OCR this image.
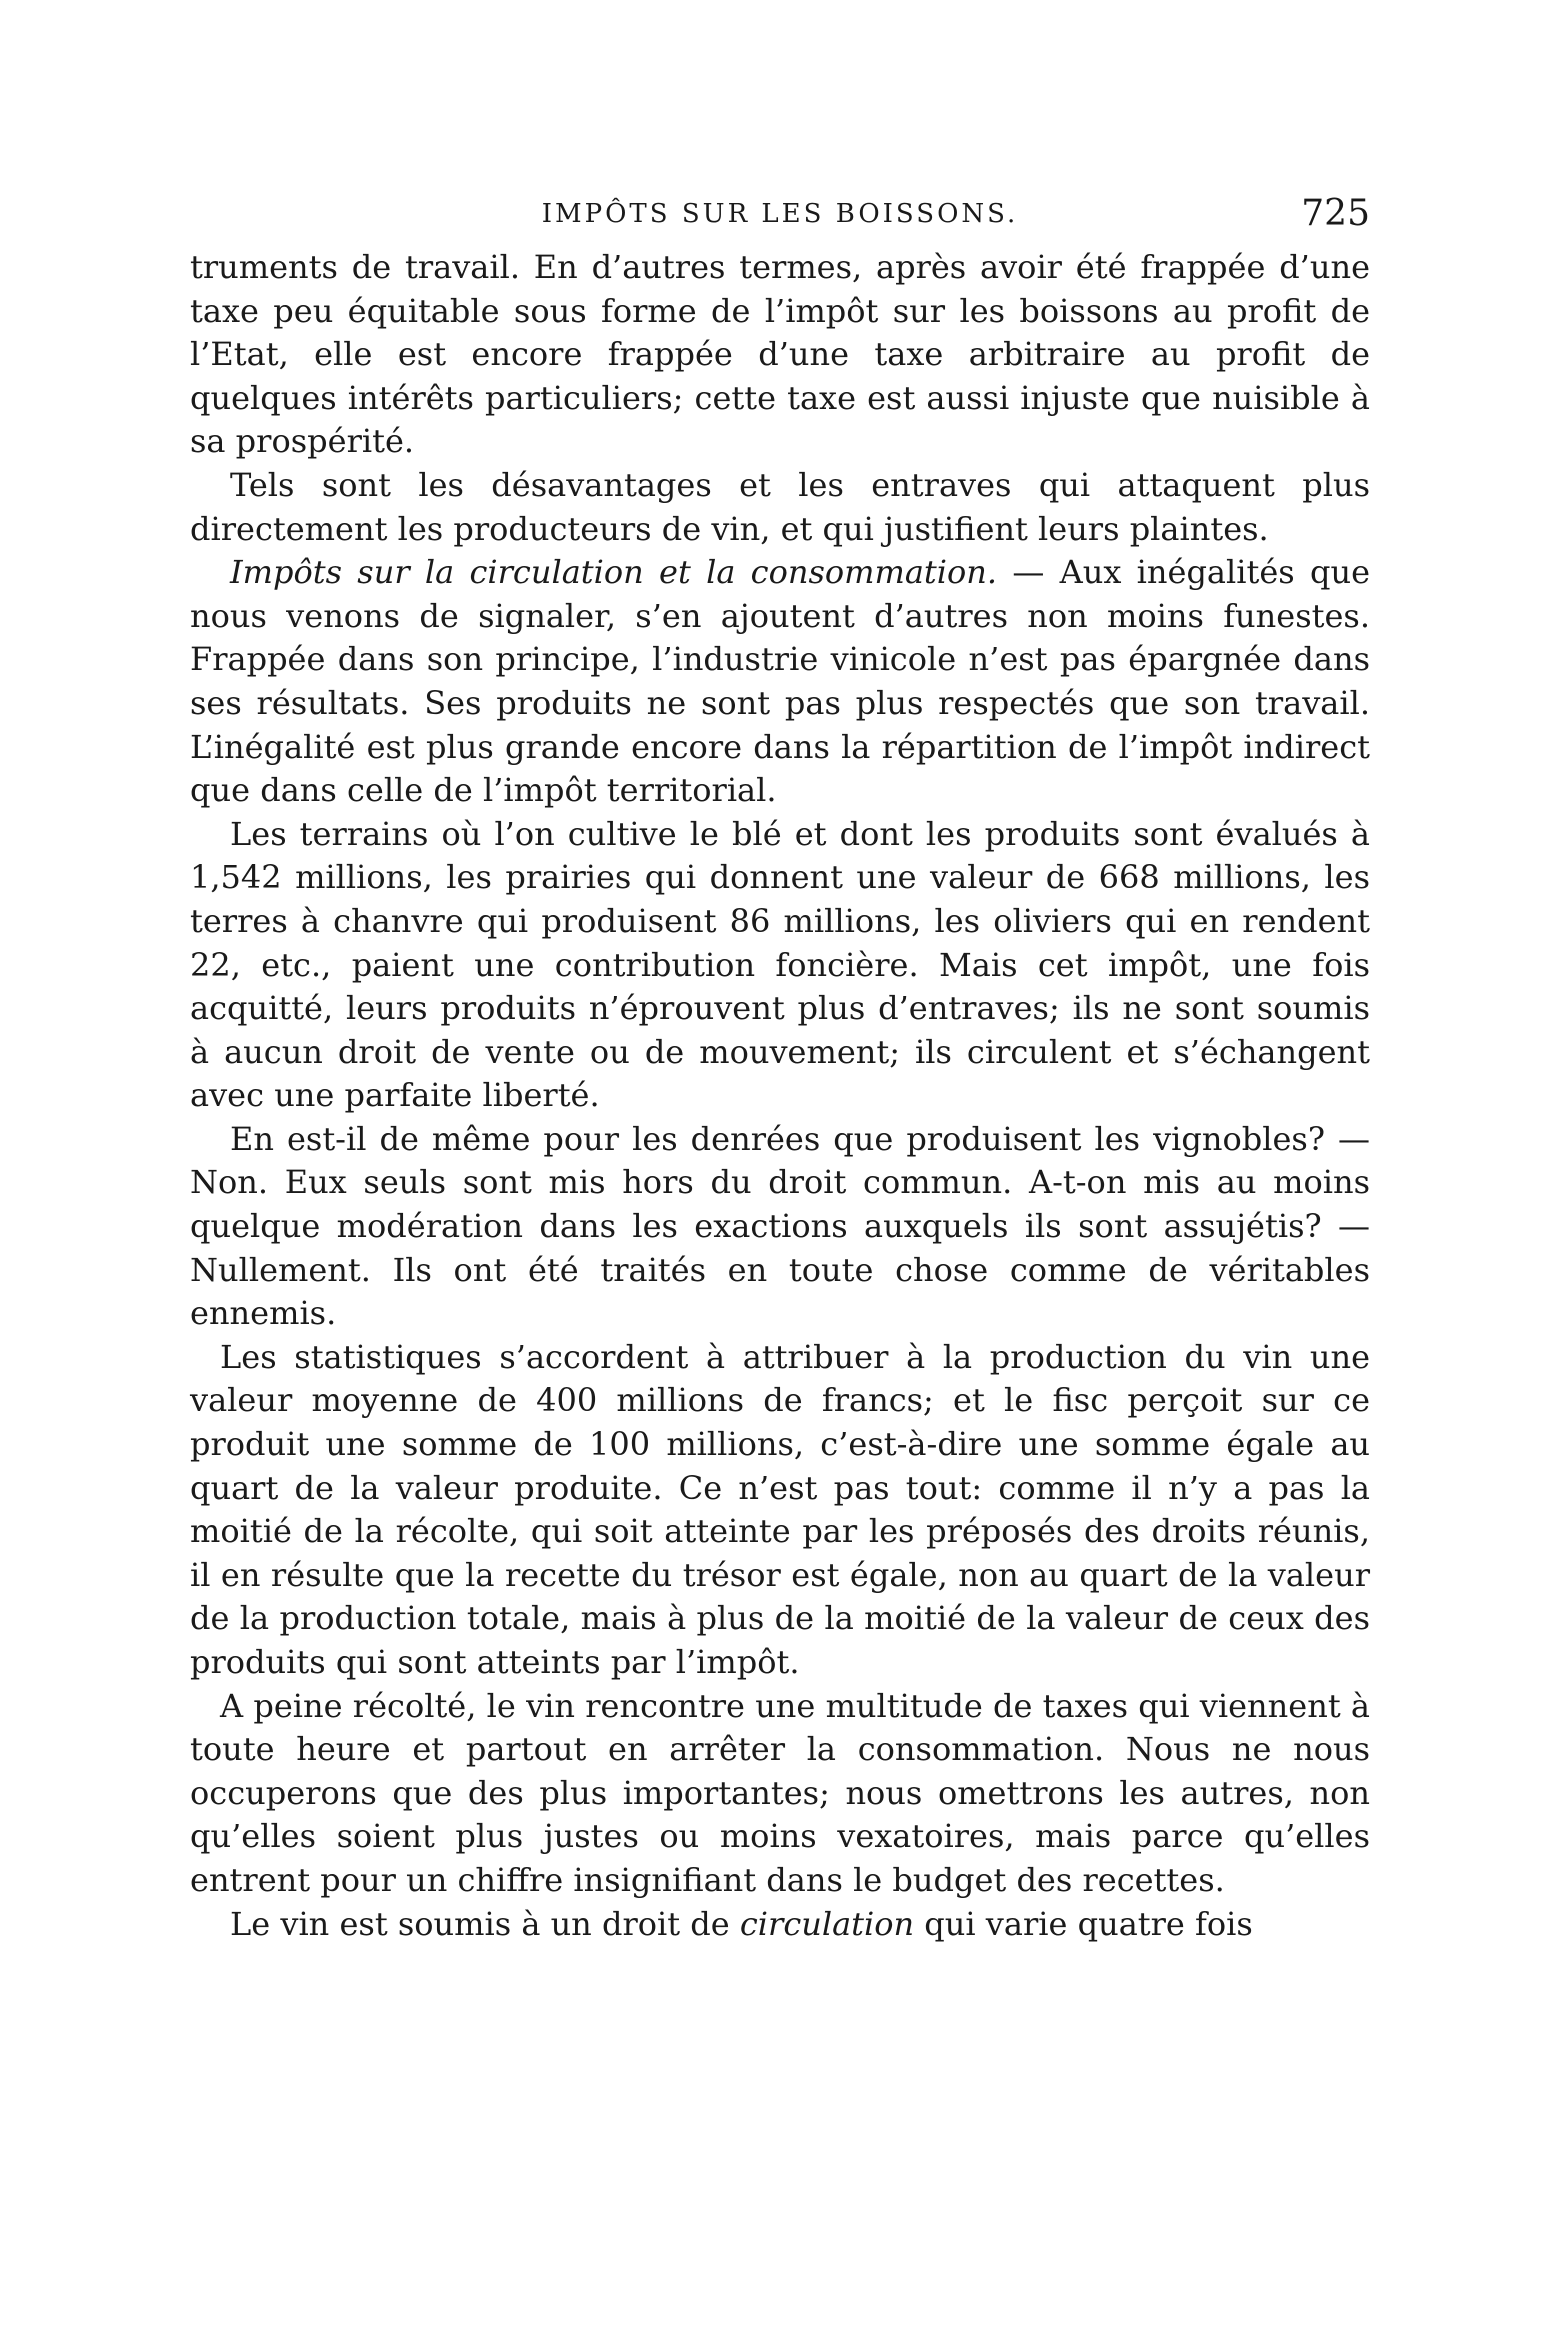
IMPÔTS SUR LES BOISSONS.	725

truments de travail. En d’autres termes, après avoir été frappée d’une taxe peu équitable sous forme de l’impôt sur les boissons au profit de l’Etat, elle est encore frappée d’une taxe arbitraire au profit de quelques intérêts particuliers; cette taxe est aussi injuste que nuisible à sa prospérité.

Tels sont les désavantages et les entraves qui attaquent plus directement les producteurs de vin, et qui justifient leurs plaintes.

Impôts sur la circulation et la consommation. — Aux inégalités que nous venons de signaler, s’en ajoutent d’autres non moins funestes. Frappée dans son principe, l’industrie vinicole n’est pas épargnée dans ses résultats. Ses produits ne sont pas plus respectés que son travail. L’inégalité est plus grande encore dans la répartition de l’impôt indirect que dans celle de l’impôt territorial.

Les terrains où l’on cultive le blé et dont les produits sont évalués à 1,542 millions, les prairies qui donnent une valeur de 668 millions, les terres à chanvre qui produisent 86 millions, les oliviers qui en rendent 22, etc., paient une contribution foncière. Mais cet impôt, une fois acquitté, leurs produits n’éprouvent plus d’entraves; ils ne sont soumis à aucun droit de vente ou de mouvement; ils circulent et s’échangent avec une parfaite liberté.

En est-il de même pour les denrées que produisent les vignobles? — Non. Eux seuls sont mis hors du droit commun. A-t-on mis au moins quelque modération dans les exactions auxquels ils sont assujétis? — Nullement. Ils ont été traités en toute chose comme de véritables ennemis.

Les statistiques s’accordent à attribuer à la production du vin une valeur moyenne de 400 millions de francs; et le fisc perçoit sur ce produit une somme de 100 millions, c’est-à-dire une somme égale au quart de la valeur produite. Ce n’est pas tout: comme il n’y a pas la moitié de la récolte, qui soit atteinte par les préposés des droits réunis, il en résulte que la recette du trésor est égale, non au quart de la valeur de la production totale, mais à plus de la moitié de la valeur de ceux des produits qui sont atteints par l’impôt.

A peine récolté, le vin rencontre une multitude de taxes qui viennent à toute heure et partout en arrêter la consommation. Nous ne nous occuperons que des plus importantes; nous omettrons les autres, non qu’elles soient plus justes ou moins vexatoires, mais parce qu’elles entrent pour un chiffre insignifiant dans le budget des recettes.

Le vin est soumis à un droit de circulation qui varie quatre fois
